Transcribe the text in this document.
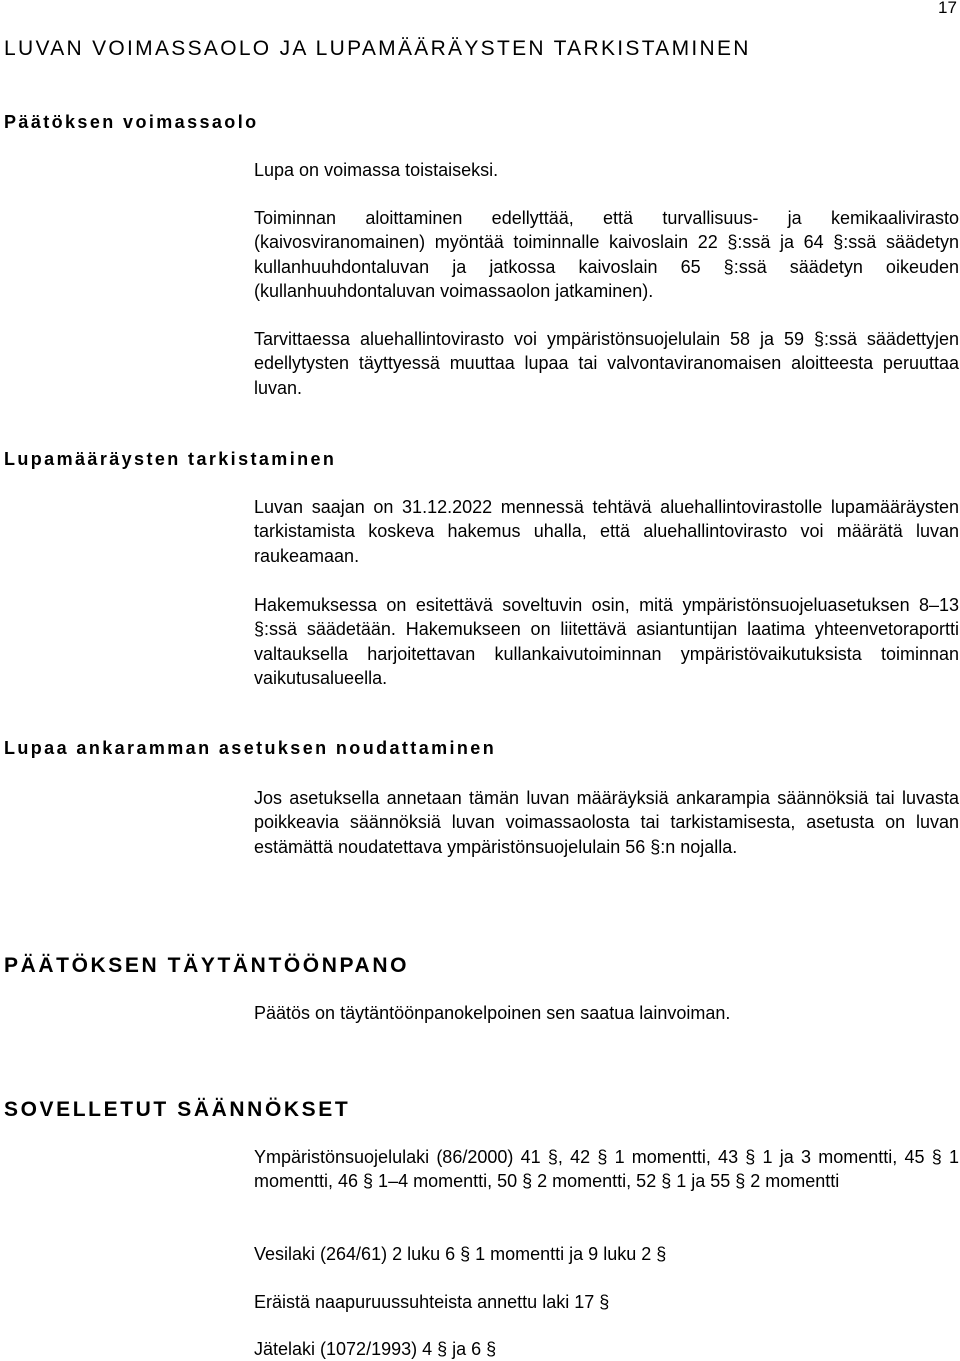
17
LUVAN VOIMASSAOLO JA LUPAMÄÄRÄYSTEN TARKISTAMINEN
Päätöksen voimassaolo

Lupa on voimassa toistaiseksi.

Toiminnan aloittaminen edellyttää, että turvallisuus- ja kemikaalivirasto (kaivosviranomainen) myöntää toiminnalle kaivoslain 22 §:ssä ja 64 §:ssä säädetyn kullanhuuhdontaluvan ja jatkossa kaivoslain 65 §:ssä säädetyn oikeuden (kullanhuuhdontaluvan voimassaolon jatkaminen).

Tarvittaessa aluehallintovirasto voi ympäristönsuojelulain 58 ja 59 §:ssä säädettyjen edellytysten täyttyessä muuttaa lupaa tai valvontaviranomaisen aloitteesta peruuttaa luvan.

Lupamääräysten tarkistaminen

Luvan saajan on 31.12.2022 mennessä tehtävä aluehallintovirastolle lupamääräysten tarkistamista koskeva hakemus uhalla, että aluehallintovirasto voi määrätä luvan raukeamaan.

Hakemuksessa on esitettävä soveltuvin osin, mitä ympäristönsuojeluasetuksen 8‒13 §:ssä säädetään. Hakemukseen on liitettävä asiantuntijan laatima yhteenvetoraportti valtauksella harjoitettavan kullankaivutoiminnan ympäristövaikutuksista toiminnan vaikutusalueella.

Lupaa ankaramman asetuksen noudattaminen

Jos asetuksella annetaan tämän luvan määräyksiä ankarampia säännöksiä tai luvasta poikkeavia säännöksiä luvan voimassaolosta tai tarkistamisesta, asetusta on luvan estämättä noudatettava ympäristönsuojelulain 56 §:n nojalla.

PÄÄTÖKSEN TÄYTÄNTÖÖNPANO

Päätös on täytäntöönpanokelpoinen sen saatua lainvoiman.

SOVELLETUT SÄÄNNÖKSET

Ympäristönsuojelulaki (86/2000) 41 §, 42 § 1 momentti, 43 § 1 ja 3 momentti, 45 § 1 momentti, 46 § 1‒4 momentti, 50 § 2 momentti, 52 § 1 ja 55 § 2 momentti

Vesilaki (264/61) 2 luku 6 § 1 momentti ja 9 luku 2 §

Eräistä naapuruussuhteista annettu laki 17 §

Jätelaki (1072/1993) 4 § ja 6 §
